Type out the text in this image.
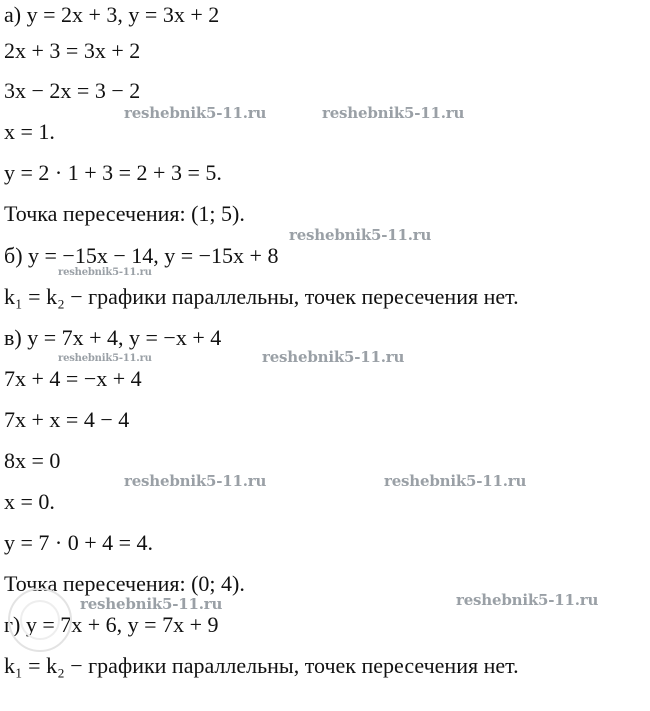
а) y = 2x + 3, y = 3x + 2
2x + 3 = 3x + 2
3x − 2x = 3 − 2
x = 1.
y = 2 · 1 + 3 = 2 + 3 = 5.
Точка пересечения: (1; 5).
б) y = −15x − 14, y = −15x + 8
k₁ = k₂ − графики параллельны, точек пересечения нет.
в) y = 7x + 4, y = −x + 4
7x + 4 = −x + 4
7x + x = 4 − 4
8x = 0
x = 0.
y = 7 · 0 + 4 = 4.
Точка пересечения: (0; 4).
г) y = 7x + 6, y = 7x + 9
k₁ = k₂ − графики параллельны, точек пересечения нет.
reshebnik5-11.ru	reshebnik5-11.ru
reshebnik5-11.ru
reshebnik5-11.ru
reshebnik5-11.ru	reshebnik5-11.ru
reshebnik5-11.ru	reshebnik5-11.ru
reshebnik5-11.ru	reshebnik5-11.ru
